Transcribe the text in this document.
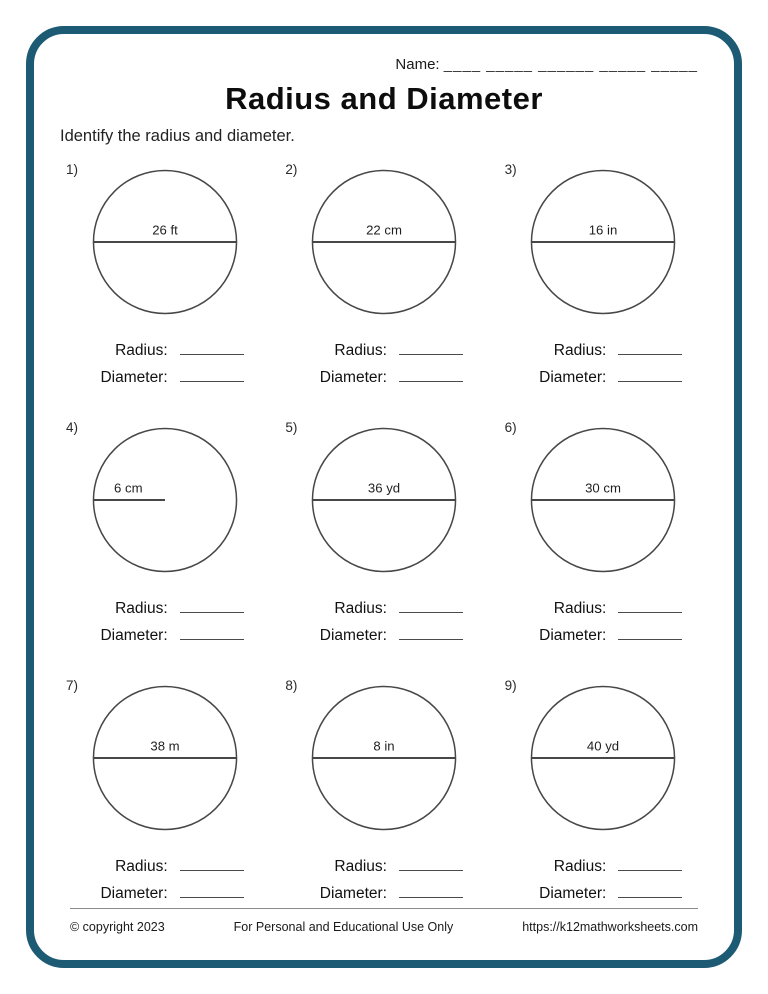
Name: ____ _____ ______ _____ _____
Radius and Diameter
Identify the radius and diameter.
1)
26 ft
Radius:
Diameter:
2)
22 cm
Radius:
Diameter:
3)
16 in
Radius:
Diameter:
4)
6 cm
Radius:
Diameter:
5)
36 yd
Radius:
Diameter:
6)
30 cm
Radius:
Diameter:
7)
38 m
Radius:
Diameter:
8)
8 in
Radius:
Diameter:
9)
40 yd
Radius:
Diameter:
© copyright 2023	For Personal and Educational Use Only	https://k12mathworksheets.com
